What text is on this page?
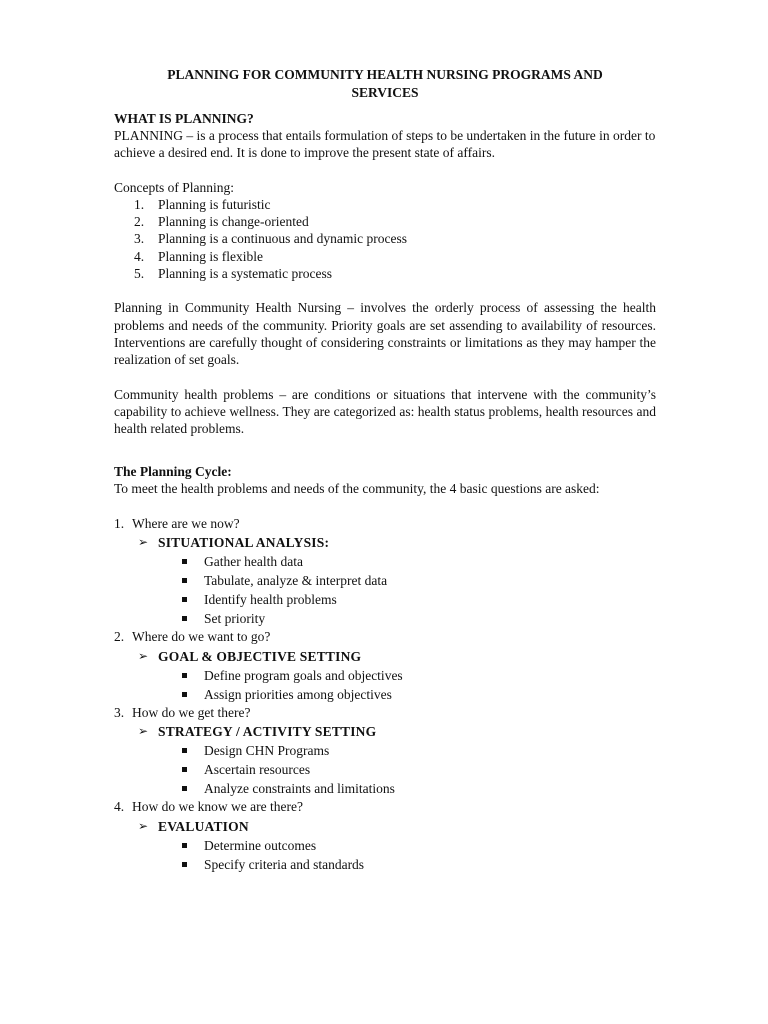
PLANNING FOR COMMUNITY HEALTH NURSING PROGRAMS AND
SERVICES
WHAT IS PLANNING?

PLANNING – is a process that entails formulation of steps to be undertaken in the future in order to achieve a desired end. It is done to improve the present state of affairs.

Concepts of Planning:

1. Planning is futuristic
2. Planning is change-oriented
3. Planning is a continuous and dynamic process
4. Planning is flexible
5. Planning is a systematic process

Planning in Community Health Nursing – involves the orderly process of assessing the health problems and needs of the community. Priority goals are set assending to availability of resources. Interventions are carefully thought of considering constraints or limitations as they may hamper the realization of set goals.

Community health problems – are conditions or situations that intervene with the community’s capability to achieve wellness. They are categorized as: health status problems, health resources and health related problems.

The Planning Cycle:

To meet the health problems and needs of the community, the 4 basic questions are asked:

1. Where are we now?
➢ SITUATIONAL ANALYSIS:
Gather health data
Tabulate, analyze & interpret data
Identify health problems
Set priority
2. Where do we want to go?
➢ GOAL & OBJECTIVE SETTING
Define program goals and objectives
Assign priorities among objectives
3. How do we get there?
➢ STRATEGY / ACTIVITY SETTING
Design CHN Programs
Ascertain resources
Analyze constraints and limitations
4. How do we know we are there?
➢ EVALUATION
Determine outcomes
Specify criteria and standards
